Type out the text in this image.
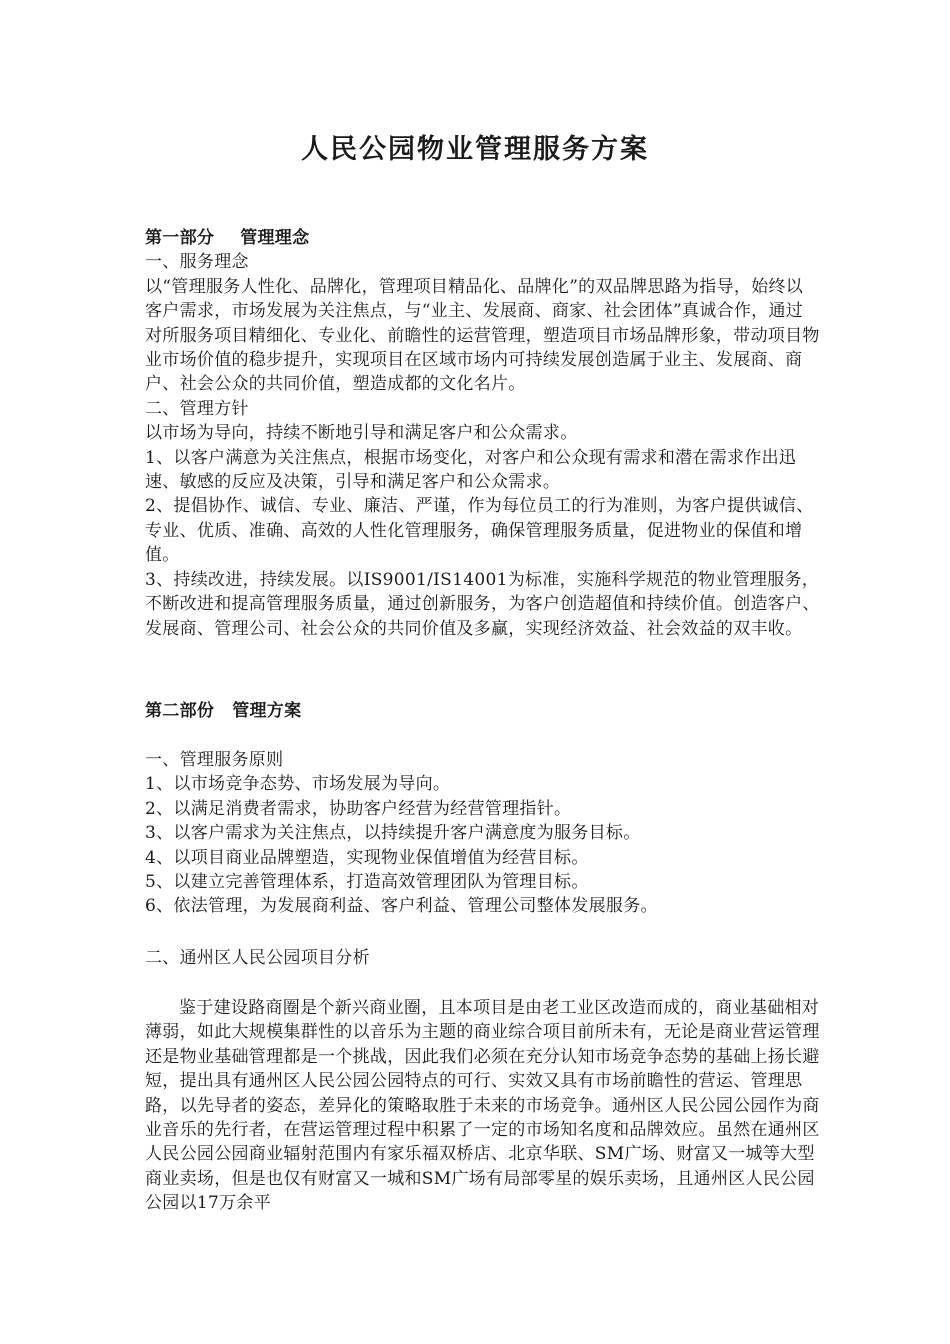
人民公园物业管理服务方案

第一部分 管理理念

一、服务理念

以“管理服务人性化、品牌化，管理项目精品化、品牌化”的双品牌思路为指导，始终以客户需求，市场发展为关注焦点，与“业主、发展商、商家、社会团体”真诚合作，通过对所服务项目精细化、专业化、前瞻性的运营管理，塑造项目市场品牌形象，带动项目物业市场价值的稳步提升，实现项目在区域市场内可持续发展创造属于业主、发展商、商户、社会公众的共同价值，塑造成都的文化名片。

二、管理方针

以市场为导向，持续不断地引导和满足客户和公众需求。

1、以客户满意为关注焦点，根据市场变化，对客户和公众现有需求和潜在需求作出迅速、敏感的反应及决策，引导和满足客户和公众需求。

2、提倡协作、诚信、专业、廉洁、严谨，作为每位员工的行为准则，为客户提供诚信、专业、优质、准确、高效的人性化管理服务，确保管理服务质量，促进物业的保值和增值。

3、持续改进，持续发展。以IS9001/IS14001为标准，实施科学规范的物业管理服务，不断改进和提高管理服务质量，通过创新服务，为客户创造超值和持续价值。创造客户、发展商、管理公司、社会公众的共同价值及多赢，实现经济效益、社会效益的双丰收。

第二部份 管理方案

一、管理服务原则

1、以市场竞争态势、市场发展为导向。

2、以满足消费者需求，协助客户经营为经营管理指针。

3、以客户需求为关注焦点，以持续提升客户满意度为服务目标。

4、以项目商业品牌塑造，实现物业保值增值为经营目标。

5、以建立完善管理体系，打造高效管理团队为管理目标。

6、依法管理，为发展商利益、客户利益、管理公司整体发展服务。

二、通州区人民公园项目分析

鉴于建设路商圈是个新兴商业圈，且本项目是由老工业区改造而成的，商业基础相对薄弱，如此大规模集群性的以音乐为主题的商业综合项目前所未有，无论是商业营运管理还是物业基础管理都是一个挑战，因此我们必须在充分认知市场竞争态势的基础上扬长避短，提出具有通州区人民公园公园特点的可行、实效又具有市场前瞻性的营运、管理思路，以先导者的姿态，差异化的策略取胜于未来的市场竞争。通州区人民公园公园作为商业音乐的先行者，在营运管理过程中积累了一定的市场知名度和品牌效应。虽然在通州区人民公园公园商业辐射范围内有家乐福双桥店、北京华联、SM广场、财富又一城等大型商业卖场，但是也仅有财富又一城和SM广场有局部零星的娱乐卖场，且通州区人民公园公园以17万余平
